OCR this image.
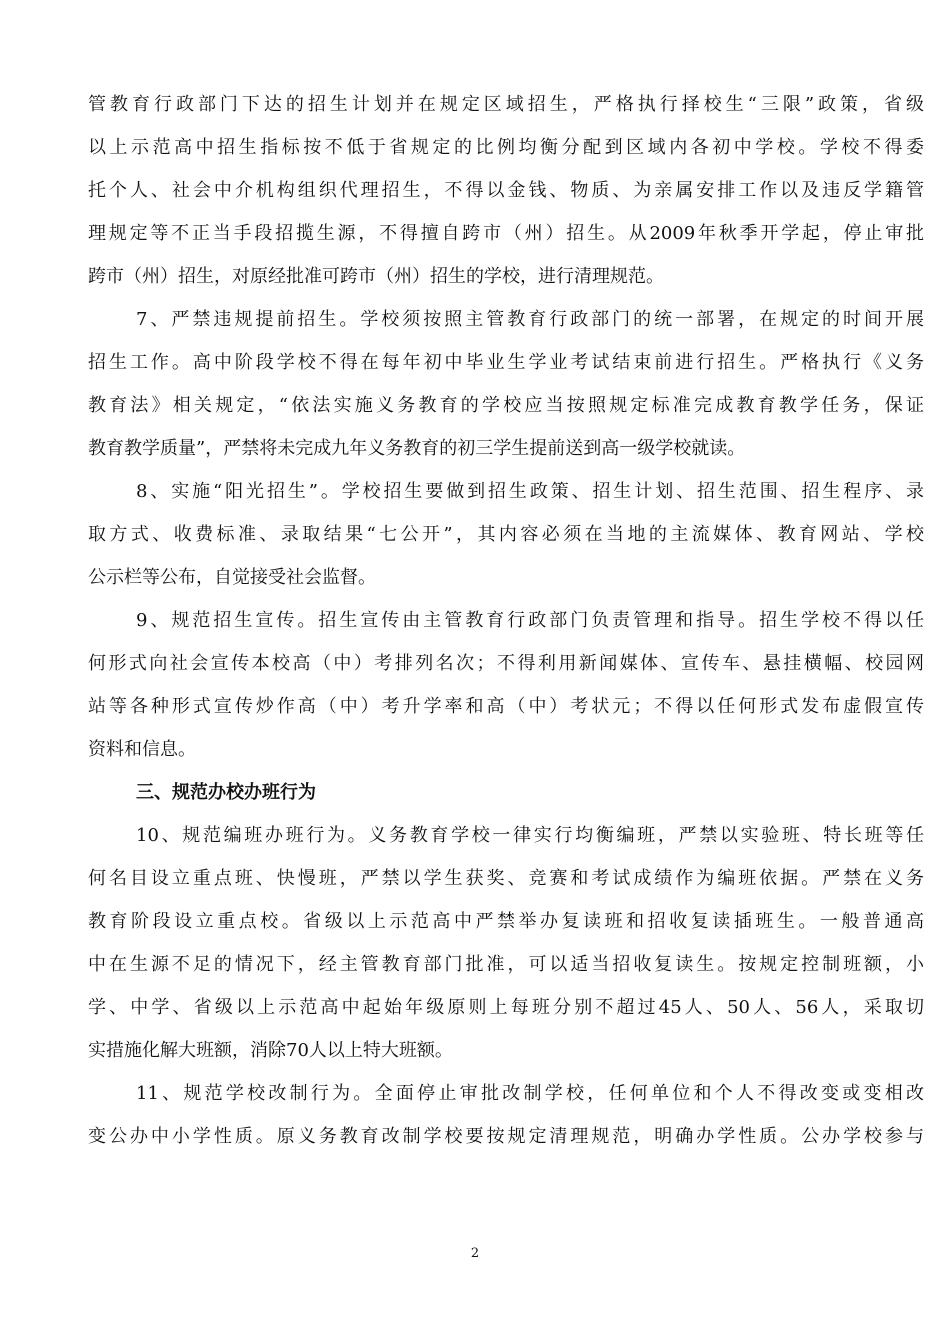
管教育行政部门下达的招生计划并在规定区域招生，严格执行择校生“三限”政策，省级
以上示范高中招生指标按不低于省规定的比例均衡分配到区域内各初中学校。学校不得委
托个人、社会中介机构组织代理招生，不得以金钱、物质、为亲属安排工作以及违反学籍管
理规定等不正当手段招揽生源，不得擅自跨市（州）招生。从2009年秋季开学起，停止审批
跨市（州）招生，对原经批准可跨市（州）招生的学校，进行清理规范。
7、严禁违规提前招生。学校须按照主管教育行政部门的统一部署，在规定的时间开展
招生工作。高中阶段学校不得在每年初中毕业生学业考试结束前进行招生。严格执行《义务
教育法》相关规定，“依法实施义务教育的学校应当按照规定标准完成教育教学任务，保证
教育教学质量”，严禁将未完成九年义务教育的初三学生提前送到高一级学校就读。
8、实施“阳光招生”。学校招生要做到招生政策、招生计划、招生范围、招生程序、录
取方式、收费标准、录取结果“七公开”，其内容必须在当地的主流媒体、教育网站、学校
公示栏等公布，自觉接受社会监督。
9、规范招生宣传。招生宣传由主管教育行政部门负责管理和指导。招生学校不得以任
何形式向社会宣传本校高（中）考排列名次；不得利用新闻媒体、宣传车、悬挂横幅、校园网
站等各种形式宣传炒作高（中）考升学率和高（中）考状元；不得以任何形式发布虚假宣传
资料和信息。
三、规范办校办班行为
10、规范编班办班行为。义务教育学校一律实行均衡编班，严禁以实验班、特长班等任
何名目设立重点班、快慢班，严禁以学生获奖、竞赛和考试成绩作为编班依据。严禁在义务
教育阶段设立重点校。省级以上示范高中严禁举办复读班和招收复读插班生。一般普通高
中在生源不足的情况下，经主管教育部门批准，可以适当招收复读生。按规定控制班额，小
学、中学、省级以上示范高中起始年级原则上每班分别不超过45人、50人、56人，采取切
实措施化解大班额，消除70人以上特大班额。
11、规范学校改制行为。全面停止审批改制学校，任何单位和个人不得改变或变相改
变公办中小学性质。原义务教育改制学校要按规定清理规范，明确办学性质。公办学校参与
2
